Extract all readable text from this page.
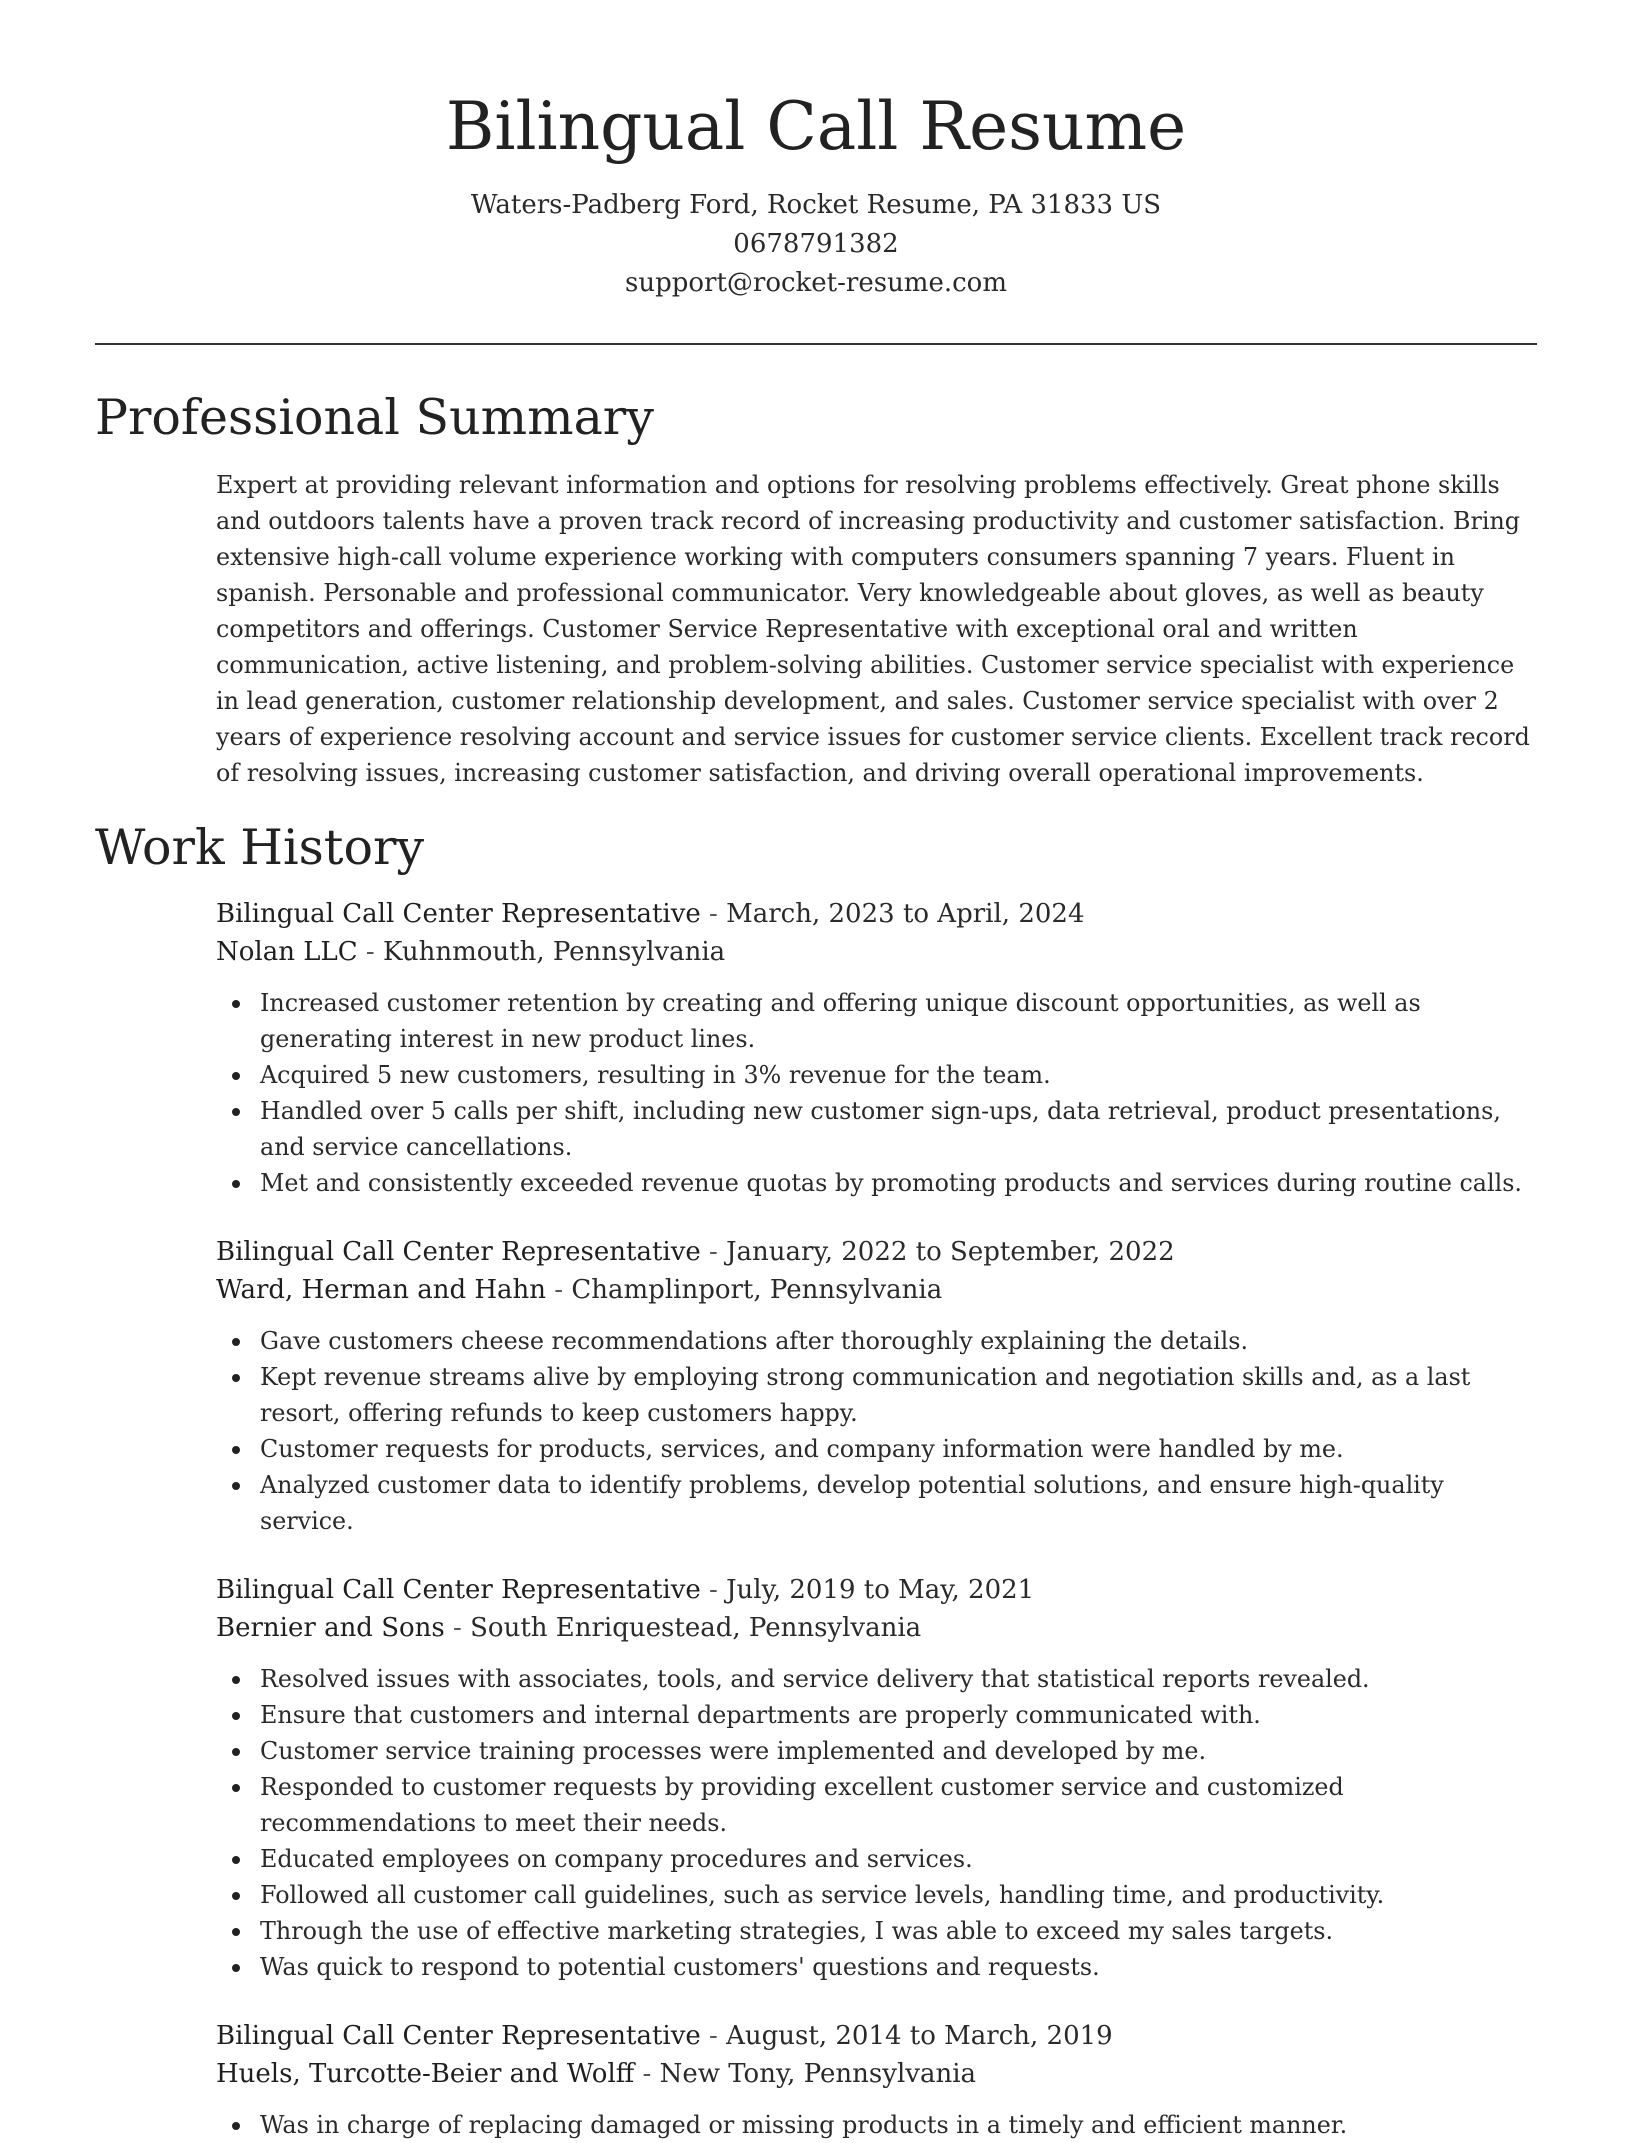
Bilingual Call Resume

Waters-Padberg Ford, Rocket Resume, PA 31833 US

0678791382

support@rocket-resume.com

Professional Summary

Expert at providing relevant information and options for resolving problems effectively. Great phone skills and outdoors talents have a proven track record of increasing productivity and customer satisfaction. Bring extensive high-call volume experience working with computers consumers spanning 7 years. Fluent in spanish. Personable and professional communicator. Very knowledgeable about gloves, as well as beauty competitors and offerings. Customer Service Representative with exceptional oral and written communication, active listening, and problem-solving abilities. Customer service specialist with experience in lead generation, customer relationship development, and sales. Customer service specialist with over 2 years of experience resolving account and service issues for customer service clients. Excellent track record of resolving issues, increasing customer satisfaction, and driving overall operational improvements.

Work History

Bilingual Call Center Representative - March, 2023 to April, 2024

Nolan LLC - Kuhnmouth, Pennsylvania

Increased customer retention by creating and offering unique discount opportunities, as well as generating interest in new product lines.
Acquired 5 new customers, resulting in 3% revenue for the team.
Handled over 5 calls per shift, including new customer sign-ups, data retrieval, product presentations, and service cancellations.
Met and consistently exceeded revenue quotas by promoting products and services during routine calls.

Bilingual Call Center Representative - January, 2022 to September, 2022

Ward, Herman and Hahn - Champlinport, Pennsylvania

Gave customers cheese recommendations after thoroughly explaining the details.
Kept revenue streams alive by employing strong communication and negotiation skills and, as a last resort, offering refunds to keep customers happy.
Customer requests for products, services, and company information were handled by me.
Analyzed customer data to identify problems, develop potential solutions, and ensure high-quality service.

Bilingual Call Center Representative - July, 2019 to May, 2021

Bernier and Sons - South Enriquestead, Pennsylvania

Resolved issues with associates, tools, and service delivery that statistical reports revealed.
Ensure that customers and internal departments are properly communicated with.
Customer service training processes were implemented and developed by me.
Responded to customer requests by providing excellent customer service and customized recommendations to meet their needs.
Educated employees on company procedures and services.
Followed all customer call guidelines, such as service levels, handling time, and productivity.
Through the use of effective marketing strategies, I was able to exceed my sales targets.
Was quick to respond to potential customers' questions and requests.

Bilingual Call Center Representative - August, 2014 to March, 2019

Huels, Turcotte-Beier and Wolff - New Tony, Pennsylvania

Was in charge of replacing damaged or missing products in a timely and efficient manner.
